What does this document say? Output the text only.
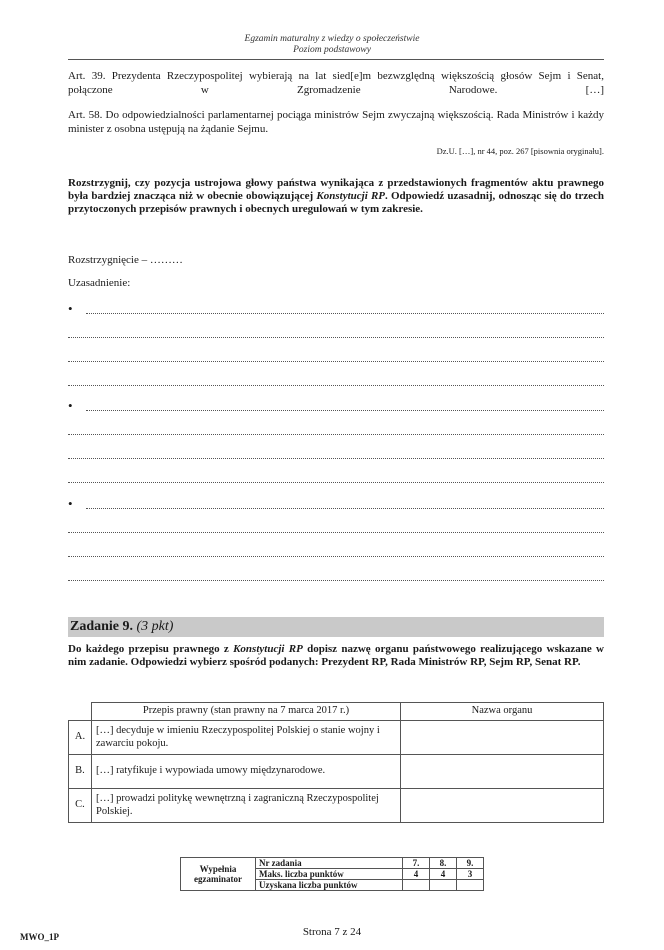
Egzamin maturalny z wiedzy o społeczeństwie
Poziom podstawowy
Art. 39. Prezydenta Rzeczypospolitej wybierają na lat sied[e]m bezwzględną większością głosów Sejm i Senat, połączone w Zgromadzenie Narodowe. […]
Art. 58. Do odpowiedzialności parlamentarnej pociąga ministrów Sejm zwyczajną większością. Rada Ministrów i każdy minister z osobna ustępują na żądanie Sejmu.
Dz.U. […], nr 44, poz. 267 [pisownia oryginału].
Rozstrzygnij, czy pozycja ustrojowa głowy państwa wynikająca z przedstawionych fragmentów aktu prawnego była bardziej znacząca niż w obecnie obowiązującej Konstytucji RP. Odpowiedź uzasadnij, odnosząc się do trzech przytoczonych przepisów prawnych i obecnych uregulowań w tym zakresie.
Rozstrzygnięcie – ………
Uzasadnienie:
•
•
•
Zadanie 9. (3 pkt)
Do każdego przepisu prawnego z Konstytucji RP dopisz nazwę organu państwowego realizującego wskazane w nim zadanie. Odpowiedzi wybierz spośród podanych: Prezydent RP, Rada Ministrów RP, Sejm RP, Senat RP.
	Przepis prawny (stan prawny na 7 marca 2017 r.)	Nazwa organu
A.	[…] decyduje w imieniu Rzeczypospolitej Polskiej o stanie wojny i zawarciu pokoju.	
B.	[…] ratyfikuje i wypowiada umowy międzynarodowe.	
C.	[…] prowadzi politykę wewnętrzną i zagraniczną Rzeczypospolitej Polskiej.	
Wypełnia egzaminator	Nr zadania	7.	8.	9.
	Maks. liczba punktów	4	4	3
	Uzyskana liczba punktów			
MWO_1P	Strona 7 z 24
